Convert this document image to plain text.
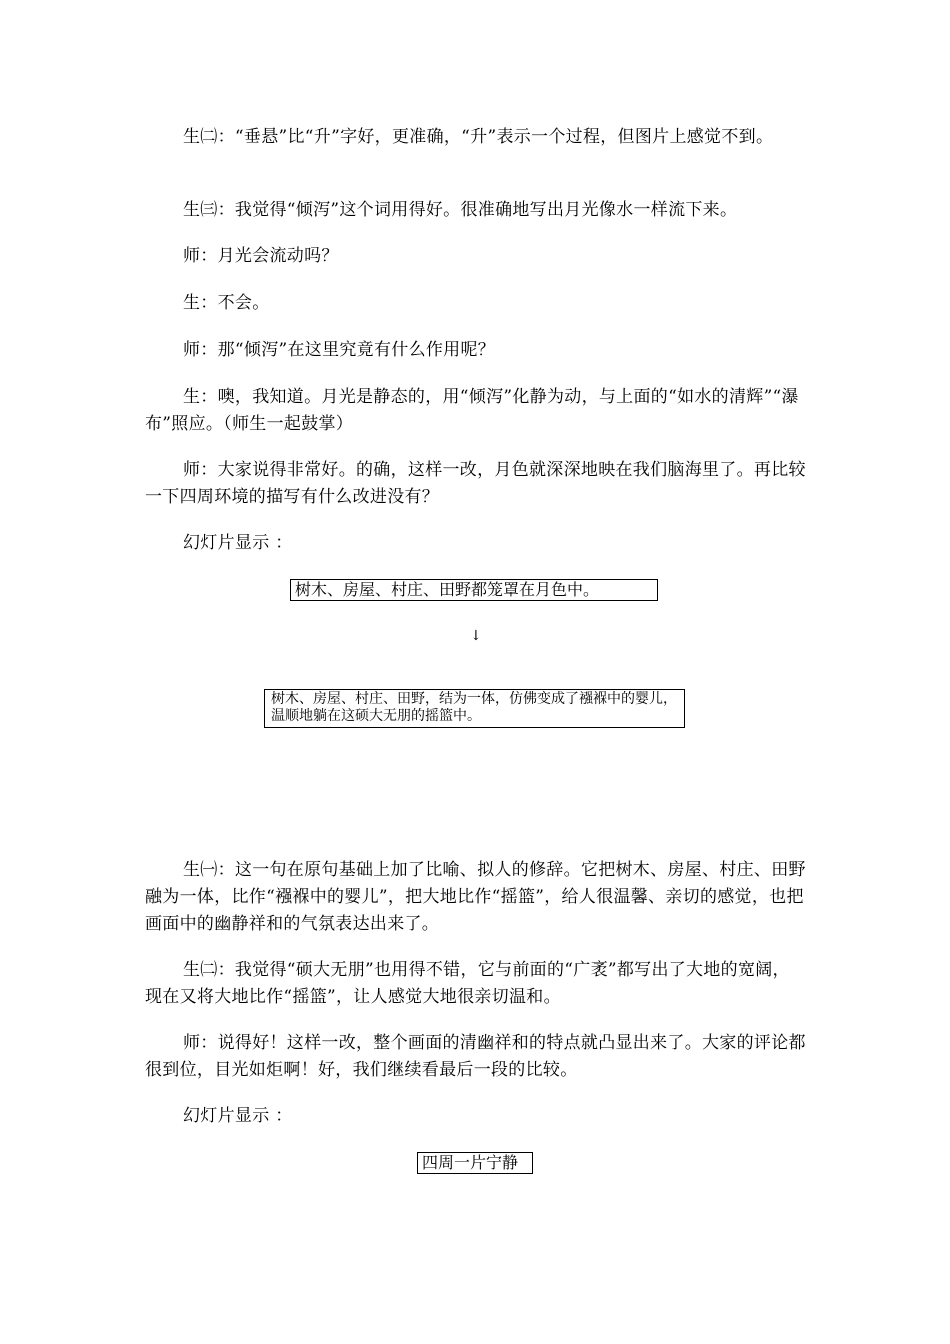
生㈡：“垂悬”比“升”字好，更准确，“升”表示一个过程，但图片上感觉不到。

生㈢：我觉得“倾泻”这个词用得好。很准确地写出月光像水一样流下来。

师：月光会流动吗？

生：不会。

师：那“倾泻”在这里究竟有什么作用呢？

生：噢，我知道。月光是静态的，用“倾泻”化静为动，与上面的“如水的清辉”“瀑布”照应。（师生一起鼓掌）

师：大家说得非常好。的确，这样一改，月色就深深地映在我们脑海里了。再比较一下四周环境的描写有什么改进没有？

幻灯片显示 ：

树木、房屋、村庄、田野都笼罩在月色中。
↓
树木、房屋、村庄、田野，结为一体，仿佛变成了襁褓中的婴儿，温顺地躺在这硕大无朋的摇篮中。

生㈠：这一句在原句基础上加了比喻、拟人的修辞。它把树木、房屋、村庄、田野融为一体，比作“襁褓中的婴儿”，把大地比作“摇篮”，给人很温馨、亲切的感觉，也把画面中的幽静祥和的气氛表达出来了。

生㈡：我觉得“硕大无朋”也用得不错，它与前面的“广袤”都写出了大地的宽阔，现在又将大地比作“摇篮”，让人感觉大地很亲切温和。

师：说得好！这样一改，整个画面的清幽祥和的特点就凸显出来了。大家的评论都很到位，目光如炬啊！好，我们继续看最后一段的比较。

幻灯片显示 ：

四周一片宁静
